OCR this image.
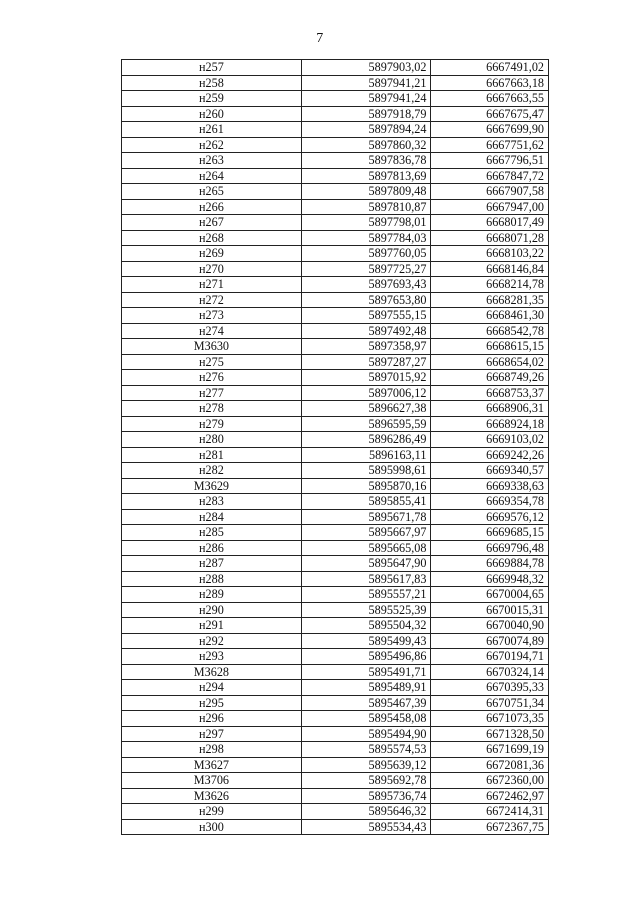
7
н257	5897903,02	6667491,02
н258	5897941,21	6667663,18
н259	5897941,24	6667663,55
н260	5897918,79	6667675,47
н261	5897894,24	6667699,90
н262	5897860,32	6667751,62
н263	5897836,78	6667796,51
н264	5897813,69	6667847,72
н265	5897809,48	6667907,58
н266	5897810,87	6667947,00
н267	5897798,01	6668017,49
н268	5897784,03	6668071,28
н269	5897760,05	6668103,22
н270	5897725,27	6668146,84
н271	5897693,43	6668214,78
н272	5897653,80	6668281,35
н273	5897555,15	6668461,30
н274	5897492,48	6668542,78
МЗ630	5897358,97	6668615,15
н275	5897287,27	6668654,02
н276	5897015,92	6668749,26
н277	5897006,12	6668753,37
н278	5896627,38	6668906,31
н279	5896595,59	6668924,18
н280	5896286,49	6669103,02
н281	5896163,11	6669242,26
н282	5895998,61	6669340,57
МЗ629	5895870,16	6669338,63
н283	5895855,41	6669354,78
н284	5895671,78	6669576,12
н285	5895667,97	6669685,15
н286	5895665,08	6669796,48
н287	5895647,90	6669884,78
н288	5895617,83	6669948,32
н289	5895557,21	6670004,65
н290	5895525,39	6670015,31
н291	5895504,32	6670040,90
н292	5895499,43	6670074,89
н293	5895496,86	6670194,71
МЗ628	5895491,71	6670324,14
н294	5895489,91	6670395,33
н295	5895467,39	6670751,34
н296	5895458,08	6671073,35
н297	5895494,90	6671328,50
н298	5895574,53	6671699,19
МЗ627	5895639,12	6672081,36
МЗ706	5895692,78	6672360,00
МЗ626	5895736,74	6672462,97
н299	5895646,32	6672414,31
н300	5895534,43	6672367,75
